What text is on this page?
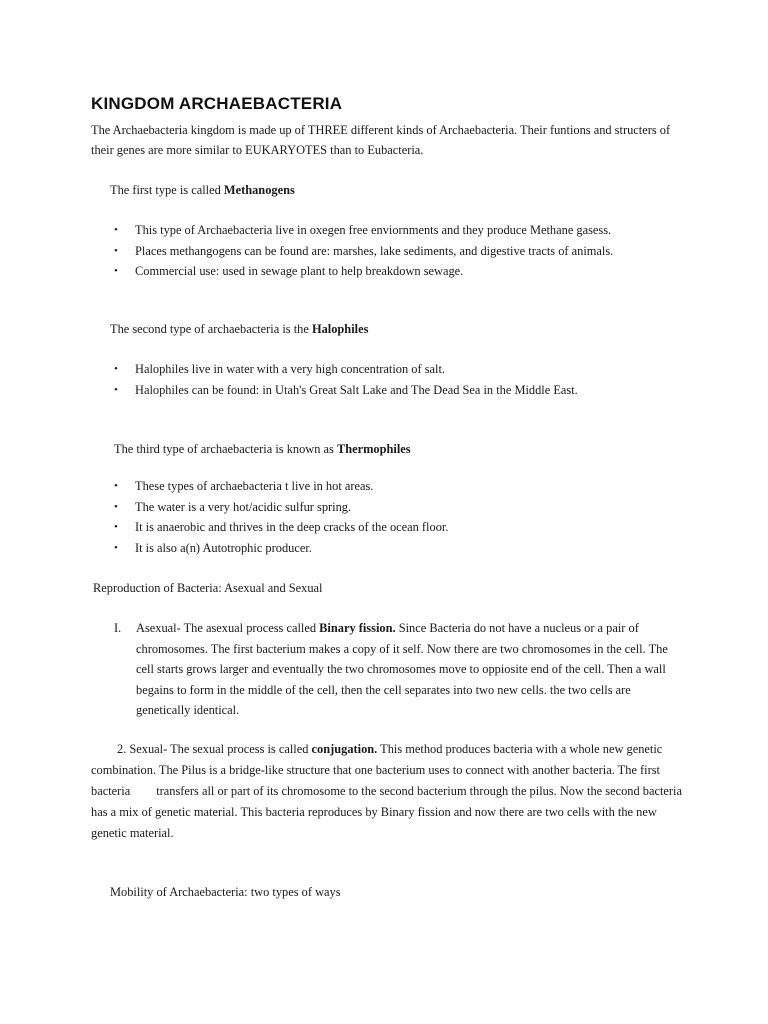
KINGDOM ARCHAEBACTERIA

The Archaebacteria kingdom is made up of THREE different kinds of Archaebacteria. Their funtions and structers of their genes are more similar to EUKARYOTES than to Eubacteria.

The first type is called Methanogens

• This type of Archaebacteria live in oxegen free enviornments and they produce Methane gasess.
• Places methangogens can be found are: marshes, lake sediments, and digestive tracts of animals.
• Commercial use: used in sewage plant to help breakdown sewage.

The second type of archaebacteria is the Halophiles

• Halophiles live in water with a very high concentration of salt.
• Halophiles can be found: in Utah's Great Salt Lake and The Dead Sea in the Middle East.

The third type of archaebacteria is known as Thermophiles

• These types of archaebacteria t live in hot areas.
• The water is a very hot/acidic sulfur spring.
• It is anaerobic and thrives in the deep cracks of the ocean floor.
• It is also a(n) Autotrophic producer.

Reproduction of Bacteria: Asexual and Sexual

I. Asexual- The asexual process called Binary fission. Since Bacteria do not have a nucleus or a pair of chromosomes. The first bacterium makes a copy of it self. Now there are two chromosomes in the cell. The cell starts grows larger and eventually the two chromosomes move to oppiosite end of the cell. Then a wall begains to form in the middle of the cell, then the cell separates into two new cells. the two cells are genetically identical.

2. Sexual- The sexual process is called conjugation. This method produces bacteria with a whole new genetic combination. The Pilus is a bridge-like structure that one bacterium uses to connect with another bacteria. The first bacteria transfers all or part of its chromosome to the second bacterium through the pilus. Now the second bacteria has a mix of genetic material. This bacteria reproduces by Binary fission and now there are two cells with the new genetic material.

Mobility of Archaebacteria: two types of ways
